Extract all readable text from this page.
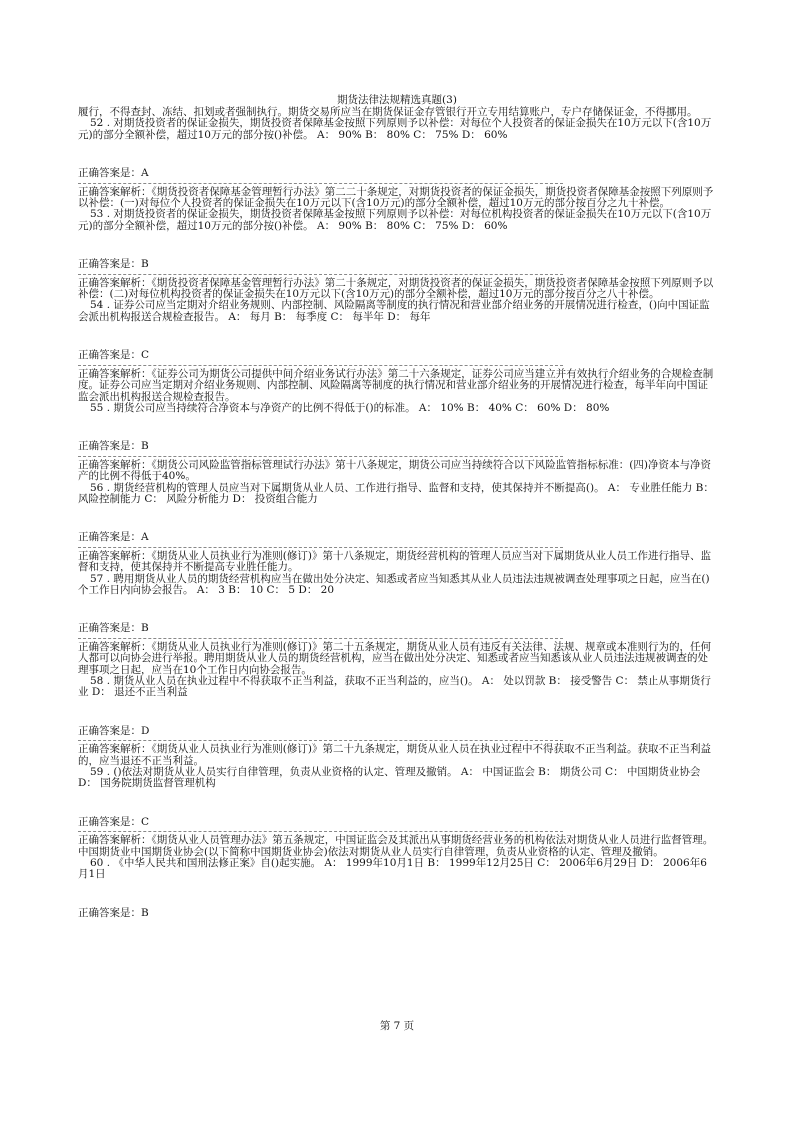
期货法律法规精选真题(3)

履行，不得查封、冻结、扣划或者强制执行。期货交易所应当在期货保证金存管银行开立专用结算账户，专户存储保证金，不得挪用。

52 . 对期货投资者的保证金损失，期货投资者保障基金按照下列原则予以补偿：对每位个人投资者的保证金损失在10万元以下(含10万元)的部分全额补偿，超过10万元的部分按()补偿。 A： 90% B： 80% C： 75% D： 60%

正确答案是：A

正确答案解析：《期货投资者保障基金管理暂行办法》第二二十条规定，对期货投资者的保证金损失，期货投资者保障基金按照下列原则予以补偿：(一)对每位个人投资者的保证金损失在10万元以下(含10万元)的部分全额补偿，超过10万元的部分按百分之九十补偿。

53 . 对期货投资者的保证金损失，期货投资者保障基金按照下列原则予以补偿：对每位机构投资者的保证金损失在10万元以下(含10万元)的部分全额补偿，超过10万元的部分按()补偿。 A： 90% B： 80% C： 75% D： 60%

正确答案是：B

正确答案解析：《期货投资者保障基金管理暂行办法》第二十条规定，对期货投资者的保证金损失，期货投资者保障基金按照下列原则予以补偿：(二)对每位机构投资者的保证金损失在10万元以下(含10万元)的部分全额补偿，超过10万元的部分按百分之八十补偿。

54 . 证券公司应当定期对介绍业务规则、内部控制、风险隔离等制度的执行情况和营业部介绍业务的开展情况进行检查，()向中国证监会派出机构报送合规检查报告。 A： 每月 B： 每季度 C： 每半年 D： 每年

正确答案是：C

正确答案解析：《证券公司为期货公司提供中间介绍业务试行办法》第二十六条规定，证券公司应当建立并有效执行介绍业务的合规检查制度。证券公司应当定期对介绍业务规则、内部控制、风险隔离等制度的执行情况和营业部介绍业务的开展情况进行检查，每半年向中国证监会派出机构报送合规检查报告。

55 . 期货公司应当持续符合净资本与净资产的比例不得低于()的标准。 A： 10% B： 40% C： 60% D： 80%

正确答案是：B

正确答案解析：《期货公司风险监管指标管理试行办法》第十八条规定，期货公司应当持续符合以下风险监管指标标准：(四)净资本与净资产的比例不得低于40%。

56 . 期货经营机构的管理人员应当对下属期货从业人员、工作进行指导、监督和支持，使其保持并不断提高()。 A： 专业胜任能力 B： 风险控制能力 C： 风险分析能力 D： 投资组合能力

正确答案是：A

正确答案解析：《期货从业人员执业行为准则(修订)》第十八条规定，期货经营机构的管理人员应当对下属期货从业人员工作进行指导、监督和支持，使其保持并不断提高专业胜任能力。

57 . 聘用期货从业人员的期货经营机构应当在做出处分决定、知悉或者应当知悉其从业人员违法违规被调查处理事项之日起，应当在()个工作日内向协会报告。 A： 3 B： 10 C： 5 D： 20

正确答案是：B

正确答案解析：《期货从业人员执业行为准则(修订)》第二十五条规定，期货从业人员有违反有关法律、法规、规章或本准则行为的，任何人都可以向协会进行举报。聘用期货从业人员的期货经营机构，应当在做出处分决定、知悉或者应当知悉该从业人员违法违规被调查的处理事项之日起，应当在10个工作日内向协会报告。

58 . 期货从业人员在执业过程中不得获取不正当利益，获取不正当利益的，应当()。 A： 处以罚款 B： 接受警告 C： 禁止从事期货行业 D： 退还不正当利益

正确答案是：D

正确答案解析：《期货从业人员执业行为准则(修订)》第二十九条规定，期货从业人员在执业过程中不得获取不正当利益。获取不正当利益的，应当退还不正当利益。

59 . ()依法对期货从业人员实行自律管理，负责从业资格的认定、管理及撤销。 A： 中国证监会 B： 期货公司 C： 中国期货业协会 D： 国务院期货监督管理机构

正确答案是：C

正确答案解析：《期货从业人员管理办法》第五条规定，中国证监会及其派出从事期货经营业务的机构依法对期货从业人员进行监督管理。中国期货业中国期货业协会(以下简称中国期货业协会)依法对期货从业人员实行自律管理，负责从业资格的认定、管理及撤销。

60 . 《中华人民共和国刑法修正案》自()起实施。 A： 1999年10月1日 B： 1999年12月25日 C： 2006年6月29日 D： 2006年6月1日

正确答案是：B

第 7 页
